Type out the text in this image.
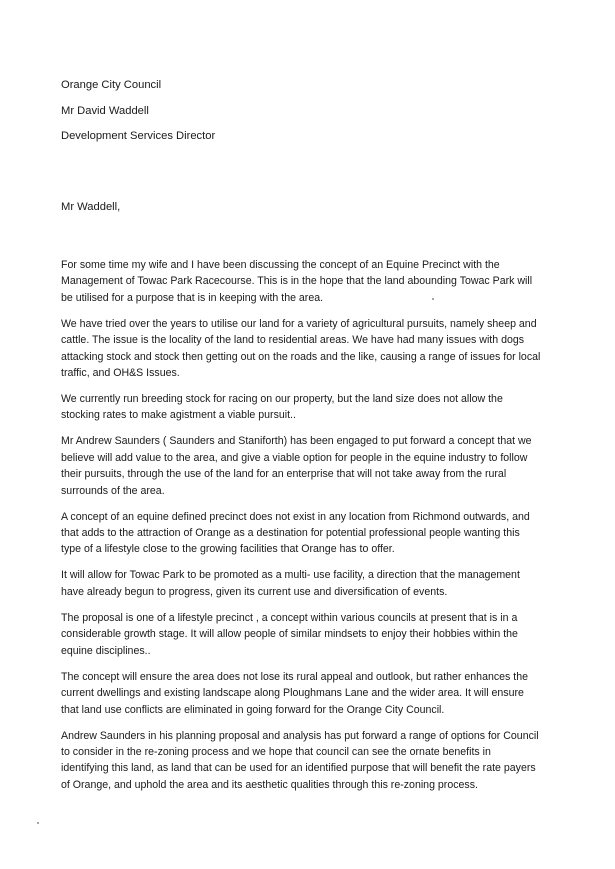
Orange City Council
Mr David Waddell
Development Services Director
Mr Waddell,

For some time my wife and I have been discussing the concept of an Equine Precinct with the Management of Towac Park Racecourse. This is in the hope that the land abounding Towac Park will be utilised for a purpose that is in keeping with the area.

We have tried over the years to utilise our land for a variety of agricultural pursuits, namely sheep and cattle. The issue is the locality of the land to residential areas. We have had many issues with dogs attacking stock and stock then getting out on the roads and the like, causing a range of issues for local traffic, and OH&S Issues.

We currently run breeding stock for racing on our property, but the land size does not allow the stocking rates to make agistment a viable pursuit..

Mr Andrew Saunders ( Saunders and Staniforth) has been engaged to put forward a concept that we believe will add value to the area, and give a viable option for people in the equine industry to follow their pursuits, through the use of the land for an enterprise that will not take away from the rural surrounds of the area.

A concept of an equine defined precinct does not exist in any location from Richmond outwards, and that adds to the attraction of Orange as a destination for potential professional people wanting this type of a lifestyle close to the growing facilities that Orange has to offer.

It will allow for Towac Park to be promoted as a multi- use facility, a direction that the management have already begun to progress, given its current use and diversification of events.

The proposal is one of a lifestyle precinct , a concept within various councils at present that is in a considerable growth stage. It will allow people of similar mindsets to enjoy their hobbies within the equine disciplines..

The concept will ensure the area does not lose its rural appeal and outlook, but rather enhances the current dwellings and existing landscape along Ploughmans Lane and the wider area. It will ensure that land use conflicts are eliminated in going forward for the Orange City Council.

Andrew Saunders in his planning proposal and analysis has put forward a range of options for Council to consider in the re-zoning process and we hope that council can see the ornate benefits in identifying this land, as land that can be used for an identified purpose that will benefit the rate payers of Orange, and uphold the area and its aesthetic qualities through this re-zoning process.
